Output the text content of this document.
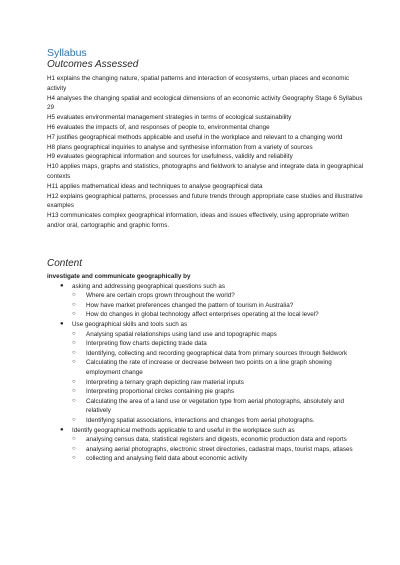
Syllabus
Outcomes Assessed

H1 explains the changing nature, spatial patterns and interaction of ecosystems, urban places and economic activity

H4 analyses the changing spatial and ecological dimensions of an economic activity Geography Stage 6 Syllabus 29

H5 evaluates environmental management strategies in terms of ecological sustainability

H6 evaluates the impacts of, and responses of people to, environmental change

H7 justifies geographical methods applicable and useful in the workplace and relevant to a changing world

H8 plans geographical inquiries to analyse and synthesise information from a variety of sources

H9 evaluates geographical information and sources for usefulness, validity and reliability

H10 applies maps, graphs and statistics, photographs and fieldwork to analyse and integrate data in geographical contexts

H11 applies mathematical ideas and techniques to analyse geographical data

H12 explains geographical patterns, processes and future trends through appropriate case studies and illustrative examples

H13 communicates complex geographical information, ideas and issues effectively, using appropriate written and/or oral, cartographic and graphic forms.

Content

investigate and communicate geographically by

● asking and addressing geographical questions such as
○ Where are certain crops grown throughout the world?
○ How have market preferences changed the pattern of tourism in Australia?
○ How do changes in global technology affect enterprises operating at the local level?
● Use geographical skills and tools such as
○ Analysing spatial relationships using land use and topographic maps
○ Interpreting flow charts depicting trade data
○ Identifying, collecting and recording geographical data from primary sources through fieldwork
○ Calculating the rate of increase or decrease between two points on a line graph showing employment change
○ Interpreting a ternary graph depicting raw material inputs
○ Interpreting proportional circles containing pie graphs
○ Calculating the area of a land use or vegetation type from aerial photographs, absolutely and relatively
○ Identifying spatial associations, interactions and changes from aerial photographs.
● Identify geographical methods applicable to and useful in the workplace such as
○ analysing census data, statistical registers and digests, economic production data and reports
○ analysing aerial photographs, electronic street directories, cadastral maps, tourist maps, atlases
○ collecting and analysing field data about economic activity
